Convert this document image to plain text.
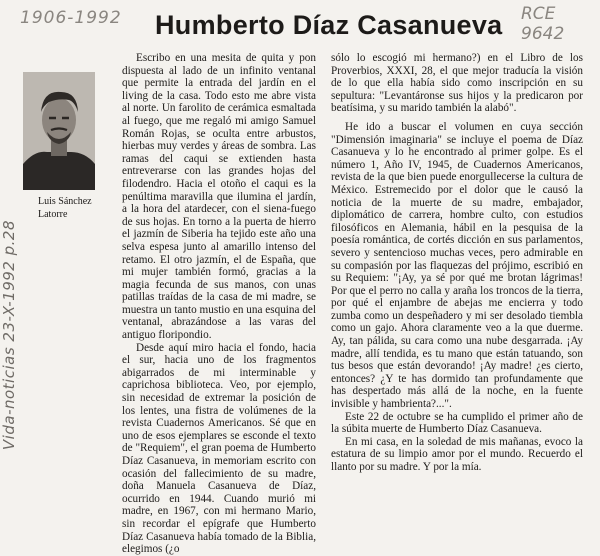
1906-1992	RCE
9642
Vida-noticias 23-X-1992 p.28
Humberto Díaz Casanueva
Luis Sánchez Latorre

Escribo en una mesita de quita y pon dispuesta al lado de un infinito ventanal que permite la entrada del jardín en el living de la casa. Todo esto me abre vista al norte. Un farolito de cerámica esmaltada al fuego, que me regaló mi amigo Samuel Román Rojas, se oculta entre arbustos, hierbas muy verdes y áreas de sombra. Las ramas del caqui se extienden hasta entreverarse con las grandes hojas del filodendro. Hacia el otoño el caqui es la penúltima maravilla que ilumina el jardín, a la hora del atardecer, con el siena-fuego de sus hojas. En torno a la puerta de hierro el jazmín de Siberia ha tejido este año una selva espesa junto al amarillo intenso del retamo. El otro jazmín, el de España, que mi mujer también formó, gracias a la magia fecunda de sus manos, con unas patillas traídas de la casa de mi madre, se muestra un tanto mustio en una esquina del ventanal, abrazándose a las varas del antiguo floripondio.

Desde aquí miro hacia el fondo, hacia el sur, hacia uno de los fragmentos abigarrados de mi interminable y caprichosa biblioteca. Veo, por ejemplo, sin necesidad de extremar la posición de los lentes, una fistra de volúmenes de la revista Cuadernos Americanos. Sé que en uno de esos ejemplares se esconde el texto de "Requiem", el gran poema de Humberto Díaz Casanueva, in memoriam escrito con ocasión del fallecimiento de su madre, doña Manuela Casanueva de Díaz, ocurrido en 1944. Cuando murió mi madre, en 1967, con mi hermano Mario, sin recordar el epígrafe que Humberto Díaz Casanueva había tomado de la Biblia, elegimos (¿o

sólo lo escogió mi hermano?) en el Libro de los Proverbios, XXXI, 28, el que mejor traducía la visión de lo que ella había sido como inscripción en su sepultura: "Levantáronse sus hijos y la predicaron por beatísima, y su marido también la alabó".

He ido a buscar el volumen en cuya sección "Dimensión imaginaria" se incluye el poema de Díaz Casanueva y lo he encontrado al primer golpe. Es el número 1, Año IV, 1945, de Cuadernos Americanos, revista de la que bien puede enorgullecerse la cultura de México. Estremecido por el dolor que le causó la noticia de la muerte de su madre, embajador, diplomático de carrera, hombre culto, con estudios filosóficos en Alemania, hábil en la pesquisa de la poesía romántica, de cortés dicción en sus parlamentos, severo y sentencioso muchas veces, pero admirable en su compasión por las flaquezas del prójimo, escribió en su Requiem: "¡Ay, ya sé por qué me brotan lágrimas! Por que el perro no calla y araña los troncos de la tierra, por qué el enjambre de abejas me encierra y todo zumba como un despeñadero y mi ser desolado tiembla como un gajo. Ahora claramente veo a la que duerme. Ay, tan pálida, su cara como una nube desgarrada. ¡Ay madre, allí tendida, es tu mano que están tatuando, son tus besos que están devorando! ¡Ay madre! ¿es cierto, entonces? ¿Y te has dormido tan profundamente que has despertado más allá de la noche, en la fuente invisible y hambrienta?...".

Este 22 de octubre se ha cumplido el primer año de la súbita muerte de Humberto Díaz Casanueva.

En mi casa, en la soledad de mis mañanas, evoco la estatura de su limpio amor por el mundo. Recuerdo el llanto por su madre. Y por la mía.
